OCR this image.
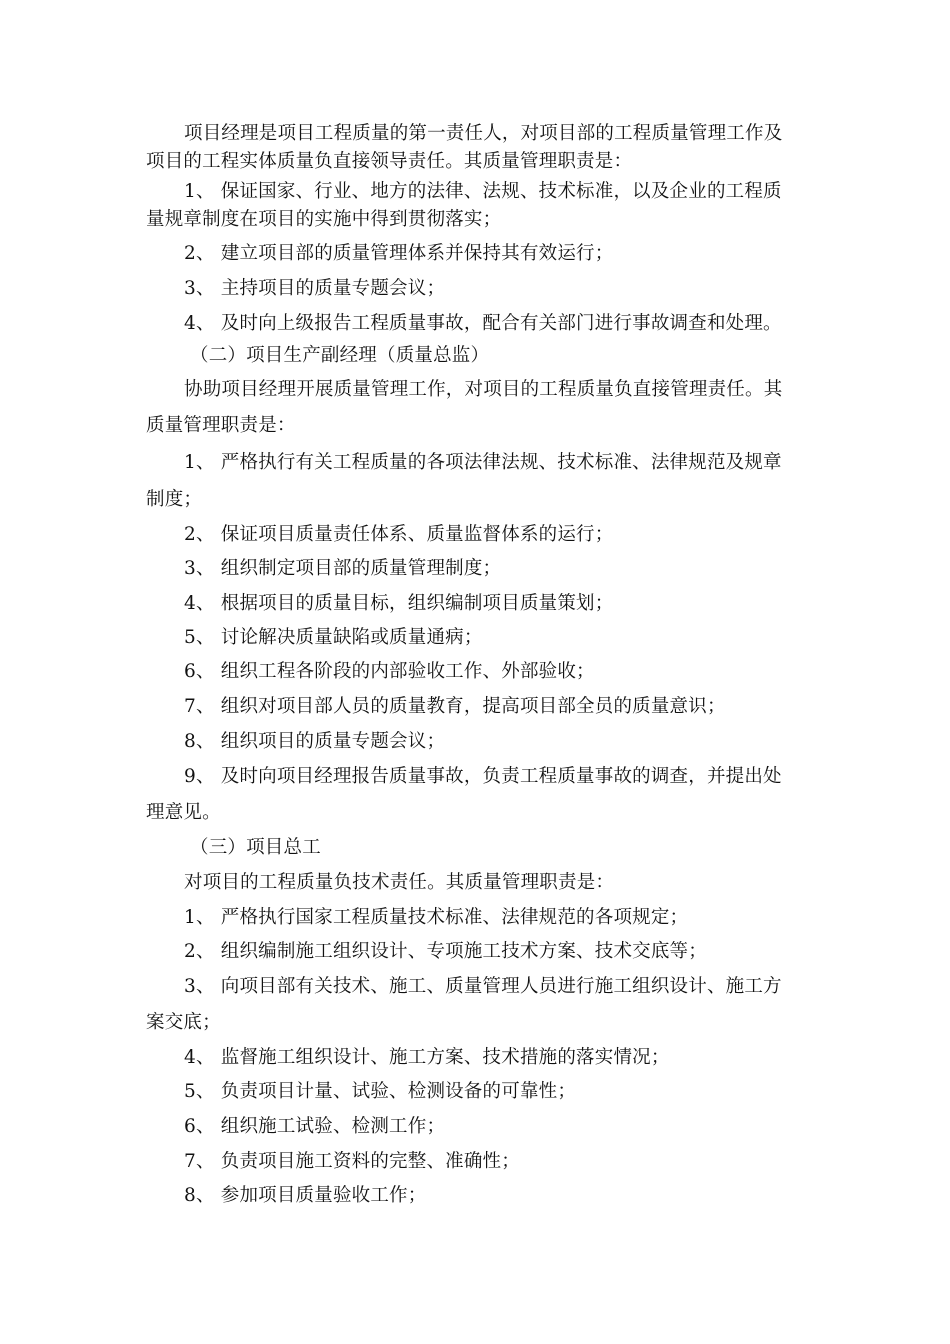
项目经理是项目工程质量的第一责任人，对项目部的工程质量管理工作及
项目的工程实体质量负直接领导责任。其质量管理职责是：
1、 保证国家、行业、地方的法律、法规、技术标准，以及企业的工程质
量规章制度在项目的实施中得到贯彻落实；
2、 建立项目部的质量管理体系并保持其有效运行；
3、 主持项目的质量专题会议；
4、 及时向上级报告工程质量事故，配合有关部门进行事故调查和处理。
（二）项目生产副经理（质量总监）
协助项目经理开展质量管理工作，对项目的工程质量负直接管理责任。其
质量管理职责是：
1、 严格执行有关工程质量的各项法律法规、技术标准、法律规范及规章
制度；
2、 保证项目质量责任体系、质量监督体系的运行；
3、 组织制定项目部的质量管理制度；
4、 根据项目的质量目标，组织编制项目质量策划；
5、 讨论解决质量缺陷或质量通病；
6、 组织工程各阶段的内部验收工作、外部验收；
7、 组织对项目部人员的质量教育，提高项目部全员的质量意识；
8、 组织项目的质量专题会议；
9、 及时向项目经理报告质量事故，负责工程质量事故的调查，并提出处
理意见。
（三）项目总工
对项目的工程质量负技术责任。其质量管理职责是：
1、 严格执行国家工程质量技术标准、法律规范的各项规定；
2、 组织编制施工组织设计、专项施工技术方案、技术交底等；
3、 向项目部有关技术、施工、质量管理人员进行施工组织设计、施工方
案交底；
4、 监督施工组织设计、施工方案、技术措施的落实情况；
5、 负责项目计量、试验、检测设备的可靠性；
6、 组织施工试验、检测工作；
7、 负责项目施工资料的完整、准确性；
8、 参加项目质量验收工作；
